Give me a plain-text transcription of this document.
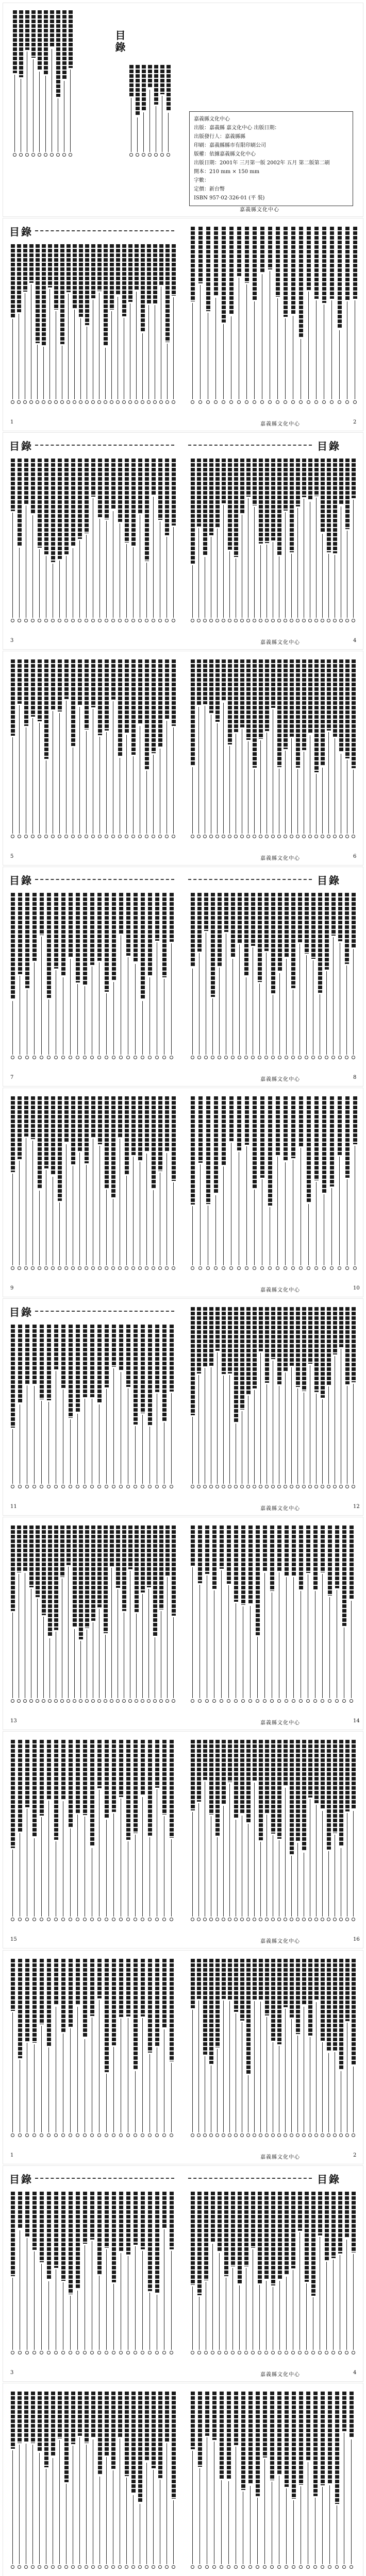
目錄
嘉義縣文化中心
出版：嘉義縣 嘉文化中心 出版日期：
出版發行人：嘉義縣縣
印刷：嘉義縣縣市有限印刷公司
版權：依據嘉義縣文化中心
出版日期：2001年 三月第一版 2002年 五月 第二版第二刷
開本：210 mm × 150 mm
字數：
定價：新台幣
ISBN 957·02·326·01 (平 裝)
嘉義縣文化中心
目錄
1	嘉義縣文化中心	2
目錄
3
目錄
嘉義縣文化中心	4
5	嘉義縣文化中心	6
目錄
7
目錄
嘉義縣文化中心	8
9	嘉義縣文化中心	10
目錄
11	嘉義縣文化中心	12
13	嘉義縣文化中心	14
15	嘉義縣文化中心	16
1	嘉義縣文化中心	2
目錄
3
目錄
嘉義縣文化中心	4
